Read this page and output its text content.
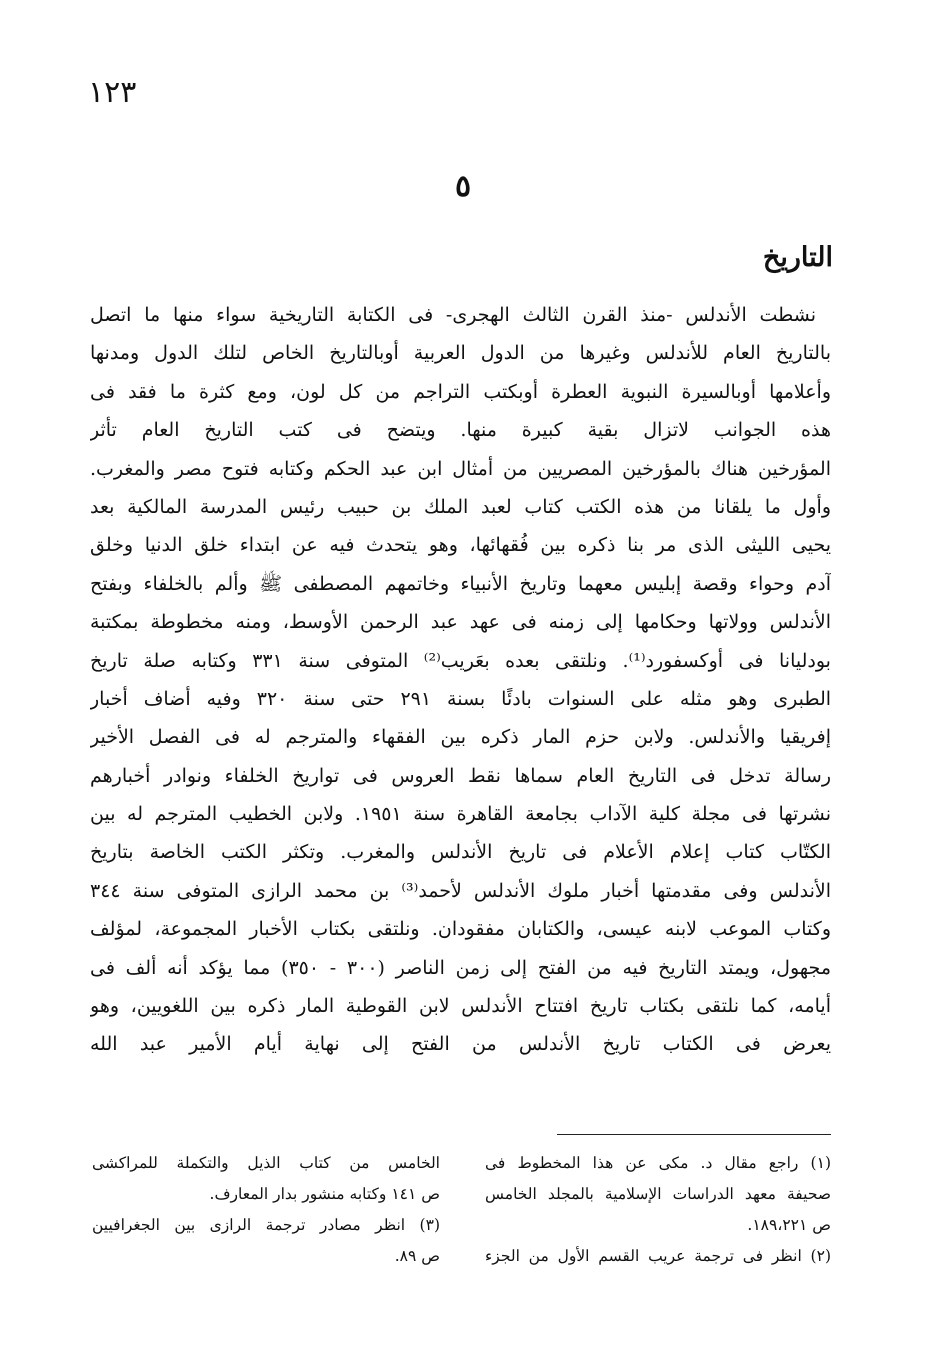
١٢٣
٥
التاريخ
نشطت الأندلس -منذ القرن الثالث الهجرى- فى الكتابة التاريخية سواء منها ما اتصل
بالتاريخ العام للأندلس وغيرها من الدول العربية أوبالتاريخ الخاص لتلك الدول ومدنها
وأعلامها أوبالسيرة النبوية العطرة أوبكتب التراجم من كل لون، ومع كثرة ما فقد فى
هذه الجوانب لاتزال بقية كبيرة منها. ويتضح فى كتب التاريخ العام تأثر
المؤرخين هناك بالمؤرخين المصريين من أمثال ابن عبد الحكم وكتابه فتوح مصر والمغرب.
وأول ما يلقانا من هذه الكتب كتاب لعبد الملك بن حبيب رئيس المدرسة المالكية بعد
يحيى الليثى الذى مر بنا ذكره بين فُقهائها، وهو يتحدث فيه عن ابتداء خلق الدنيا وخلق
آدم وحواء وقصة إبليس معهما وتاريخ الأنبياء وخاتمهم المصطفى ﷺ وألم بالخلفاء وبفتح
الأندلس وولاتها وحكامها إلى زمنه فى عهد عبد الرحمن الأوسط، ومنه مخطوطة بمكتبة
بودليانا فى أوكسفورد⁽¹⁾. ونلتقى بعده بعَريب⁽²⁾ المتوفى سنة ٣٣١ وكتابه صلة تاريخ
الطبرى وهو مثله على السنوات بادئًا بسنة ٢٩١ حتى سنة ٣٢٠ وفيه أضاف أخبار
إفريقيا والأندلس. ولابن حزم المار ذكره بين الفقهاء والمترجم له فى الفصل الأخير
رسالة تدخل فى التاريخ العام سماها نقط العروس فى تواريخ الخلفاء ونوادر أخبارهم
نشرتها فى مجلة كلية الآداب بجامعة القاهرة سنة ١٩٥١. ولابن الخطيب المترجم له بين
الكتّاب كتاب إعلام الأعلام فى تاريخ الأندلس والمغرب. وتكثر الكتب الخاصة بتاريخ
الأندلس وفى مقدمتها أخبار ملوك الأندلس لأحمد⁽³⁾ بن محمد الرازى المتوفى سنة ٣٤٤
وكتاب الموعب لابنه عيسى، والكتابان مفقودان. ونلتقى بكتاب الأخبار المجموعة، لمؤلف
مجهول، ويمتد التاريخ فيه من الفتح إلى زمن الناصر (٣٠٠ - ٣٥٠) مما يؤكد أنه ألف فى
أيامه، كما نلتقى بكتاب تاريخ افتتاح الأندلس لابن القوطية المار ذكره بين اللغويين، وهو
يعرض فى الكتاب تاريخ الأندلس من الفتح إلى نهاية أيام الأمير عبد الله
(١) راجع مقال د. مكى عن هذا المخطوط فى
صحيفة معهد الدراسات الإسلامية بالمجلد الخامس
ص ١٨٩،٢٢١.
(٢) انظر فى ترجمة عريب القسم الأول من الجزء
الخامس من كتاب الذيل والتكملة للمراكشى
ص ١٤١ وكتابه منشور بدار المعارف.
(٣) انظر مصادر ترجمة الرازى بين الجغرافيين
ص ٨٩.
